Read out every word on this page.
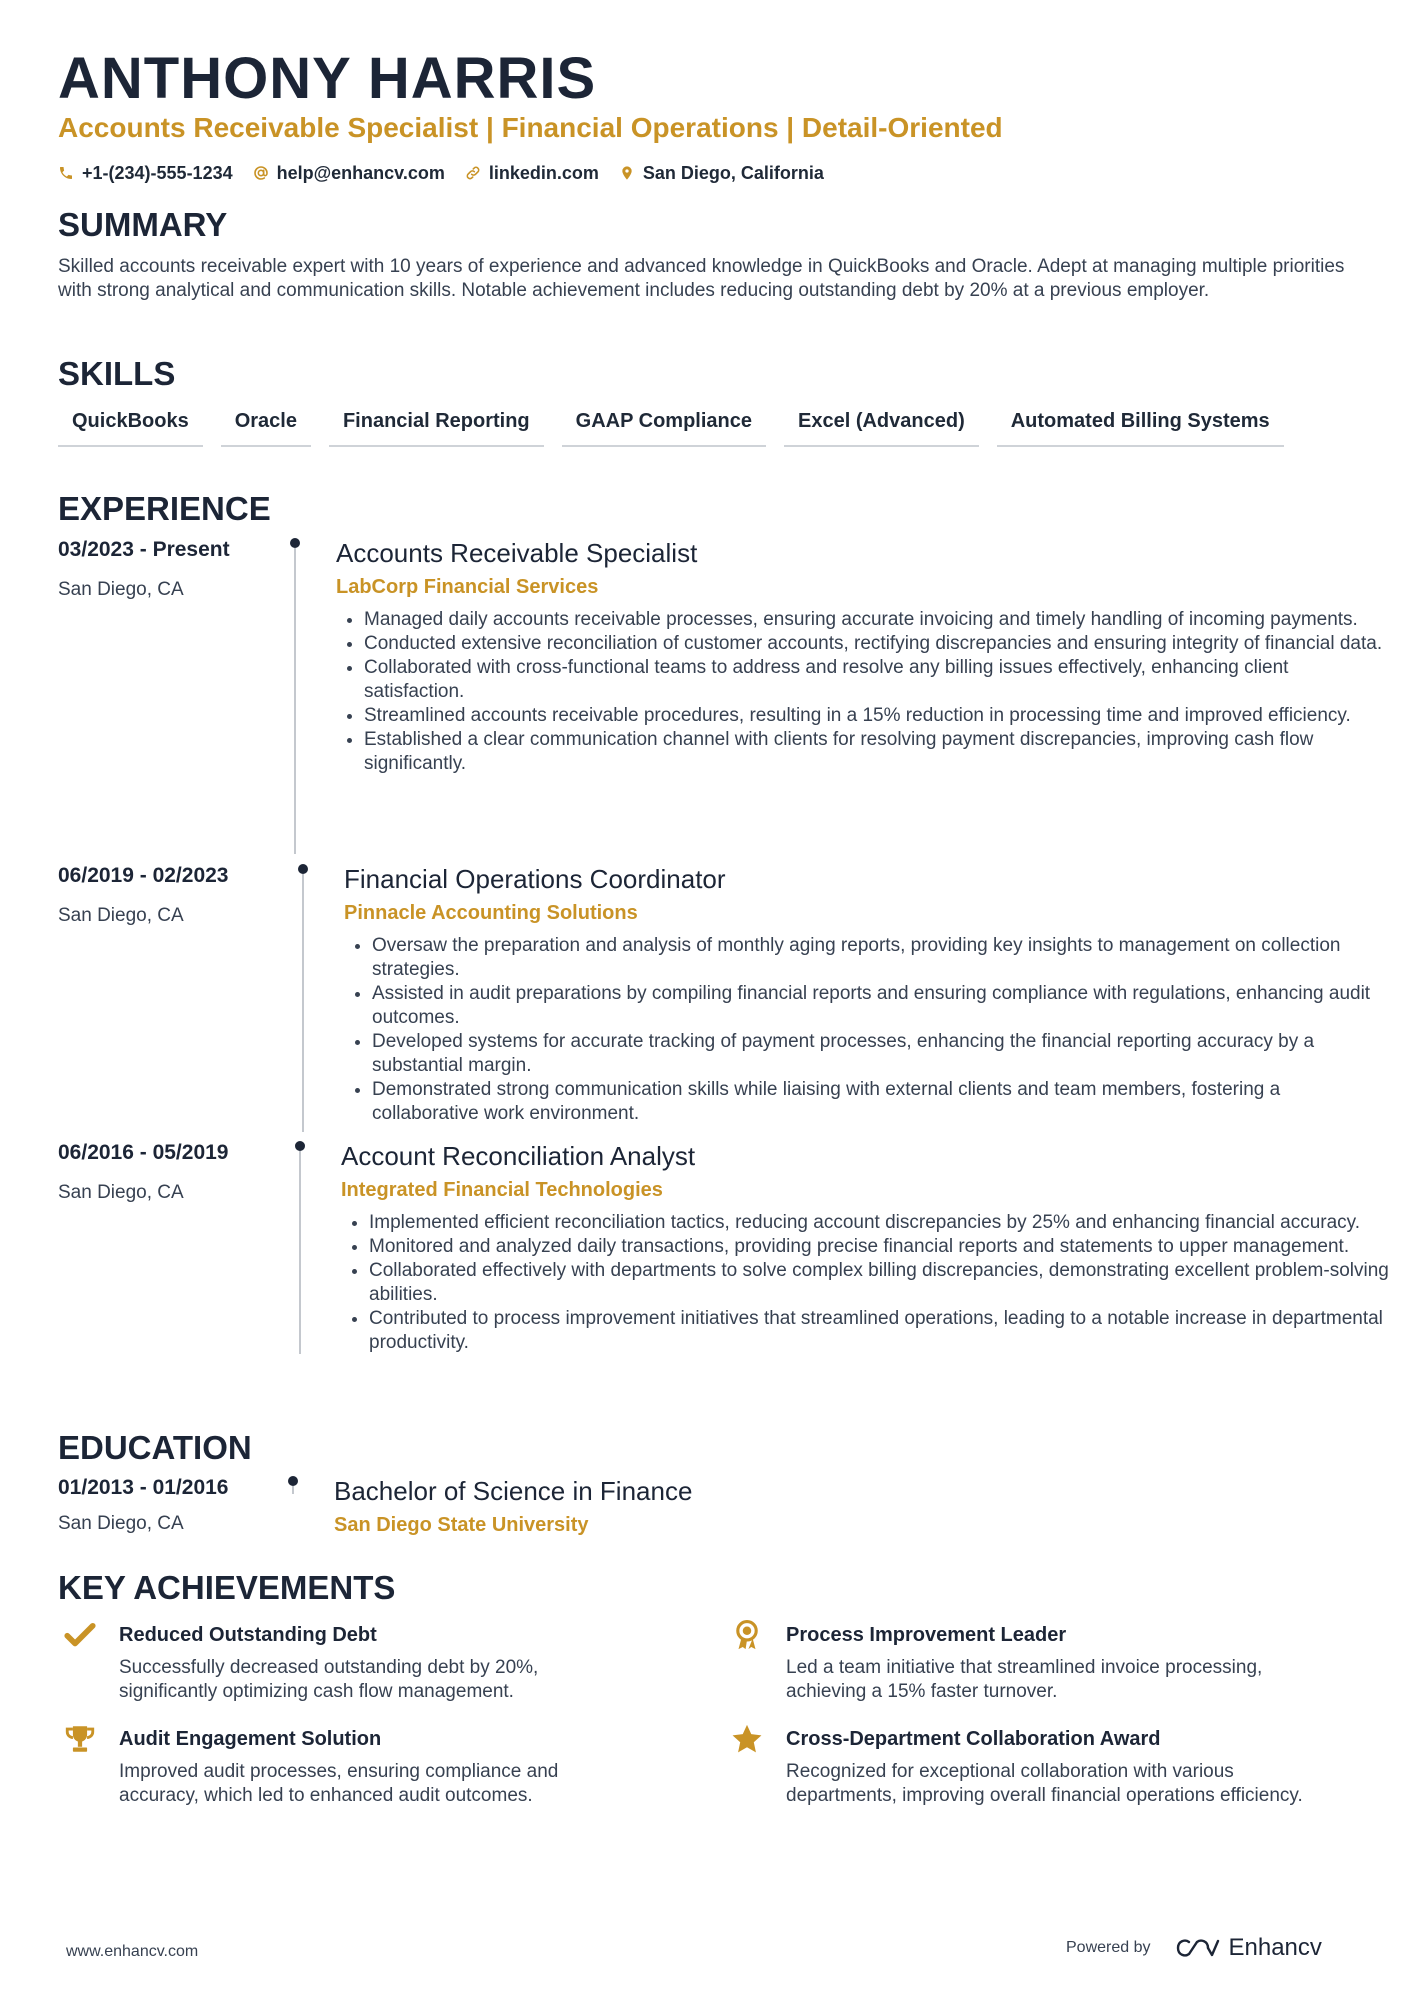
ANTHONY HARRIS
Accounts Receivable Specialist | Financial Operations | Detail-Oriented
+1-(234)-555-1234 help@enhancv.com linkedin.com San Diego, California
SUMMARY
Skilled accounts receivable expert with 10 years of experience and advanced knowledge in QuickBooks and Oracle. Adept at managing multiple priorities with strong analytical and communication skills. Notable achievement includes reducing outstanding debt by 20% at a previous employer.
SKILLS
QuickBooks	Oracle	Financial Reporting	GAAP Compliance	Excel (Advanced)	Automated Billing Systems
EXPERIENCE
03/2023 - Present
San Diego, CA
Accounts Receivable Specialist
LabCorp Financial Services
• Managed daily accounts receivable processes, ensuring accurate invoicing and timely handling of incoming payments.
• Conducted extensive reconciliation of customer accounts, rectifying discrepancies and ensuring integrity of financial data.
• Collaborated with cross-functional teams to address and resolve any billing issues effectively, enhancing client satisfaction.
• Streamlined accounts receivable procedures, resulting in a 15% reduction in processing time and improved efficiency.
• Established a clear communication channel with clients for resolving payment discrepancies, improving cash flow significantly.
06/2019 - 02/2023
San Diego, CA
Financial Operations Coordinator
Pinnacle Accounting Solutions
• Oversaw the preparation and analysis of monthly aging reports, providing key insights to management on collection strategies.
• Assisted in audit preparations by compiling financial reports and ensuring compliance with regulations, enhancing audit outcomes.
• Developed systems for accurate tracking of payment processes, enhancing the financial reporting accuracy by a substantial margin.
• Demonstrated strong communication skills while liaising with external clients and team members, fostering a collaborative work environment.
06/2016 - 05/2019
San Diego, CA
Account Reconciliation Analyst
Integrated Financial Technologies
• Implemented efficient reconciliation tactics, reducing account discrepancies by 25% and enhancing financial accuracy.
• Monitored and analyzed daily transactions, providing precise financial reports and statements to upper management.
• Collaborated effectively with departments to solve complex billing discrepancies, demonstrating excellent problem-solving abilities.
• Contributed to process improvement initiatives that streamlined operations, leading to a notable increase in departmental productivity.
EDUCATION
01/2013 - 01/2016
San Diego, CA
Bachelor of Science in Finance
San Diego State University
KEY ACHIEVEMENTS
Reduced Outstanding Debt
Successfully decreased outstanding debt by 20%, significantly optimizing cash flow management.
Process Improvement Leader
Led a team initiative that streamlined invoice processing, achieving a 15% faster turnover.
Audit Engagement Solution
Improved audit processes, ensuring compliance and accuracy, which led to enhanced audit outcomes.
Cross-Department Collaboration Award
Recognized for exceptional collaboration with various departments, improving overall financial operations efficiency.
www.enhancv.com	Powered by	Enhancv
